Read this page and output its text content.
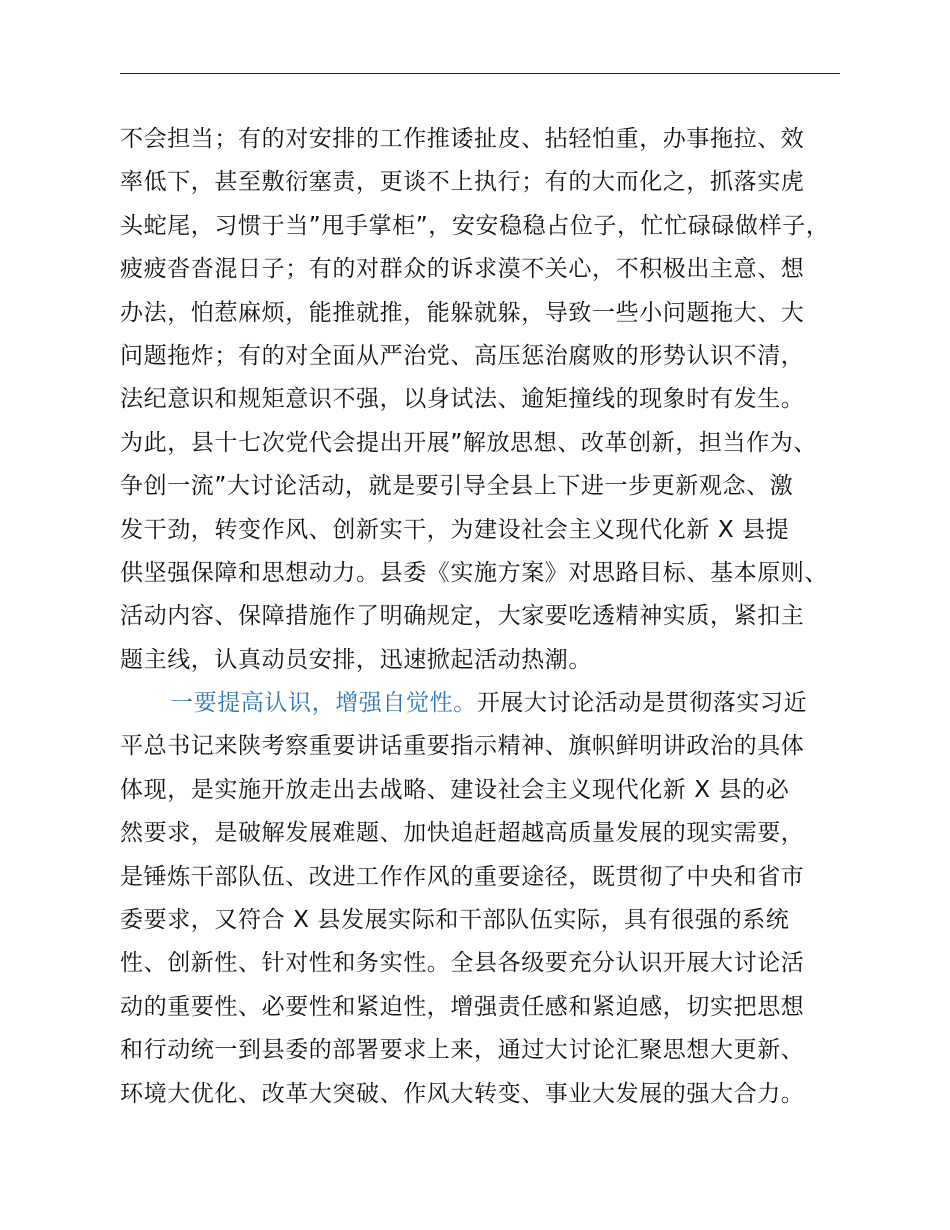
不会担当；有的对安排的工作推诿扯皮、拈轻怕重，办事拖拉、效
率低下，甚至敷衍塞责，更谈不上执行；有的大而化之，抓落实虎
头蛇尾，习惯于当”甩手掌柜”，安安稳稳占位子，忙忙碌碌做样子，
疲疲沓沓混日子；有的对群众的诉求漠不关心，不积极出主意、想
办法，怕惹麻烦，能推就推，能躲就躲，导致一些小问题拖大、大
问题拖炸；有的对全面从严治党、高压惩治腐败的形势认识不清，
法纪意识和规矩意识不强，以身试法、逾矩撞线的现象时有发生。
为此，县十七次党代会提出开展”解放思想、改革创新，担当作为、
争创一流”大讨论活动，就是要引导全县上下进一步更新观念、激
发干劲，转变作风、创新实干，为建设社会主义现代化新 X 县提
供坚强保障和思想动力。县委《实施方案》对思路目标、基本原则、
活动内容、保障措施作了明确规定，大家要吃透精神实质，紧扣主
题主线，认真动员安排，迅速掀起活动热潮。
一要提高认识，增强自觉性。开展大讨论活动是贯彻落实习近
平总书记来陕考察重要讲话重要指示精神、旗帜鲜明讲政治的具体
体现，是实施开放走出去战略、建设社会主义现代化新 X 县的必
然要求，是破解发展难题、加快追赶超越高质量发展的现实需要，
是锤炼干部队伍、改进工作作风的重要途径，既贯彻了中央和省市
委要求，又符合 X 县发展实际和干部队伍实际，具有很强的系统
性、创新性、针对性和务实性。全县各级要充分认识开展大讨论活
动的重要性、必要性和紧迫性，增强责任感和紧迫感，切实把思想
和行动统一到县委的部署要求上来，通过大讨论汇聚思想大更新、
环境大优化、改革大突破、作风大转变、事业大发展的强大合力。
